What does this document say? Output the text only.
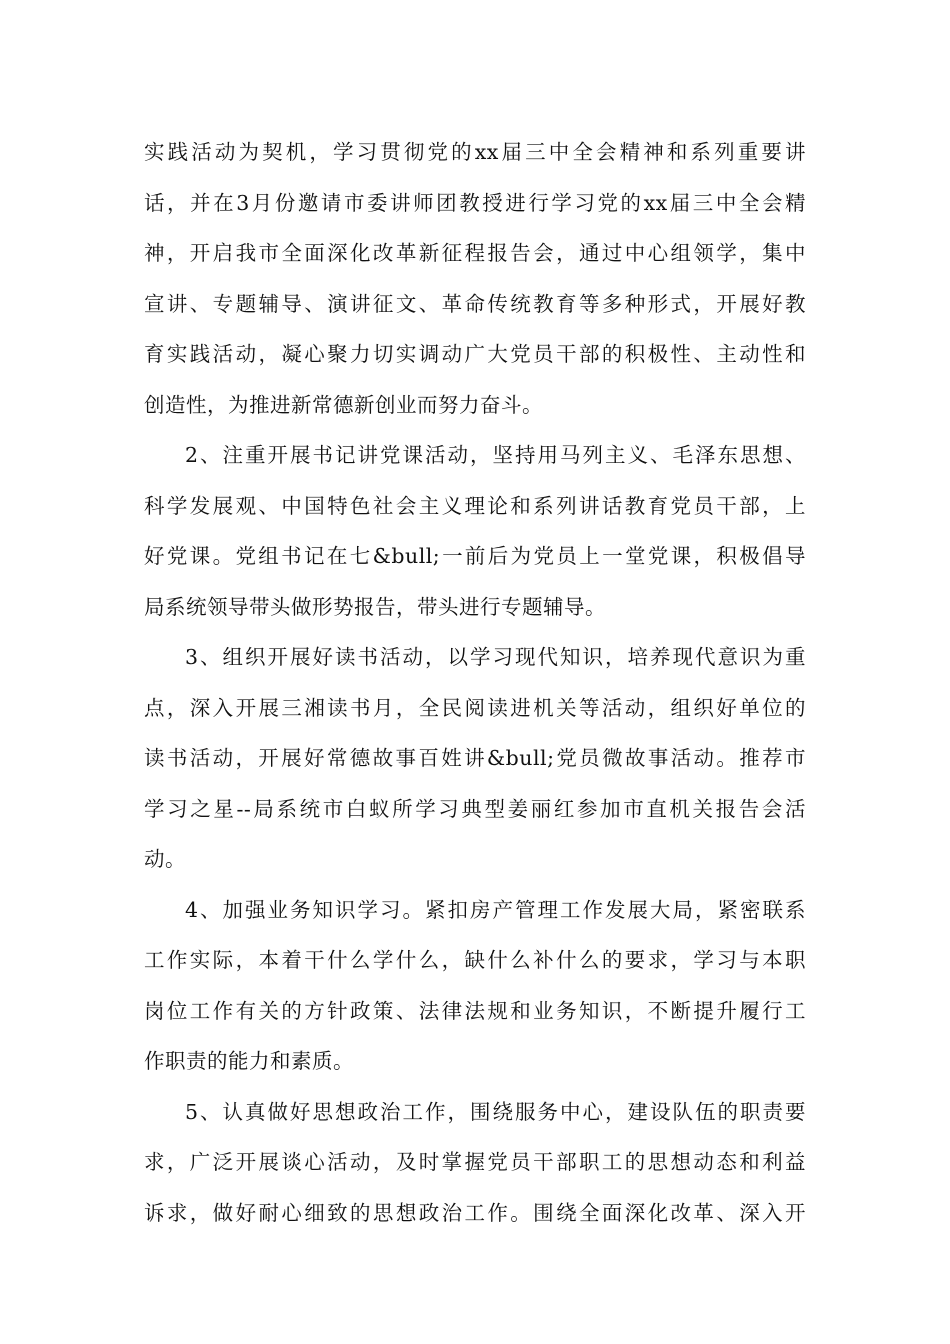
实践活动为契机，学习贯彻党的xx届三中全会精神和系列重要讲
话，并在3月份邀请市委讲师团教授进行学习党的xx届三中全会精
神，开启我市全面深化改革新征程报告会，通过中心组领学，集中
宣讲、专题辅导、演讲征文、革命传统教育等多种形式，开展好教
育实践活动，凝心聚力切实调动广大党员干部的积极性、主动性和
创造性，为推进新常德新创业而努力奋斗。

2、注重开展书记讲党课活动，坚持用马列主义、毛泽东思想、
科学发展观、中国特色社会主义理论和系列讲话教育党员干部，上
好党课。党组书记在七&bull;一前后为党员上一堂党课，积极倡导
局系统领导带头做形势报告，带头进行专题辅导。

3、组织开展好读书活动，以学习现代知识，培养现代意识为重
点，深入开展三湘读书月，全民阅读进机关等活动，组织好单位的
读书活动，开展好常德故事百姓讲&bull;党员微故事活动。推荐市
学习之星--局系统市白蚁所学习典型姜丽红参加市直机关报告会活
动。

4、加强业务知识学习。紧扣房产管理工作发展大局，紧密联系
工作实际，本着干什么学什么，缺什么补什么的要求，学习与本职
岗位工作有关的方针政策、法律法规和业务知识，不断提升履行工
作职责的能力和素质。

5、认真做好思想政治工作，围绕服务中心，建设队伍的职责要
求，广泛开展谈心活动，及时掌握党员干部职工的思想动态和利益
诉求，做好耐心细致的思想政治工作。围绕全面深化改革、深入开
